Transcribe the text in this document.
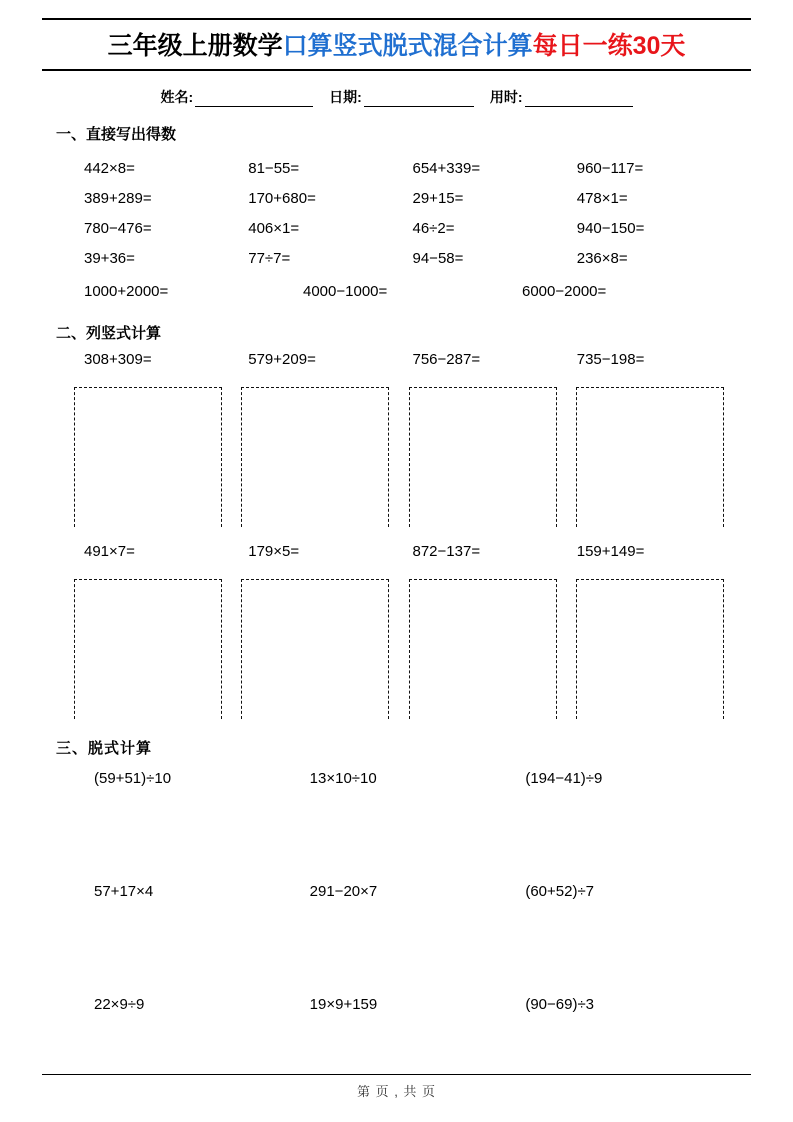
三年级上册数学口算竖式脱式混合计算每日一练30天
姓名:	日期:	用时:
一、直接写出得数
442×8=	81−55=	654+339=	960−117=
389+289=	170+680=	29+15=	478×1=
780−476=	406×1=	46÷2=	940−150=
39+36=	77÷7=	94−58=	236×8=
1000+2000=	4000−1000=	6000−2000=
二、列竖式计算
308+309=	579+209=	756−287=	735−198=
491×7=	179×5=	872−137=	159+149=
三、脱式计算
(59+51)÷10	13×10÷10	(194−41)÷9
57+17×4	291−20×7	(60+52)÷7
22×9÷9	19×9+159	(90−69)÷3
第 页 , 共 页
